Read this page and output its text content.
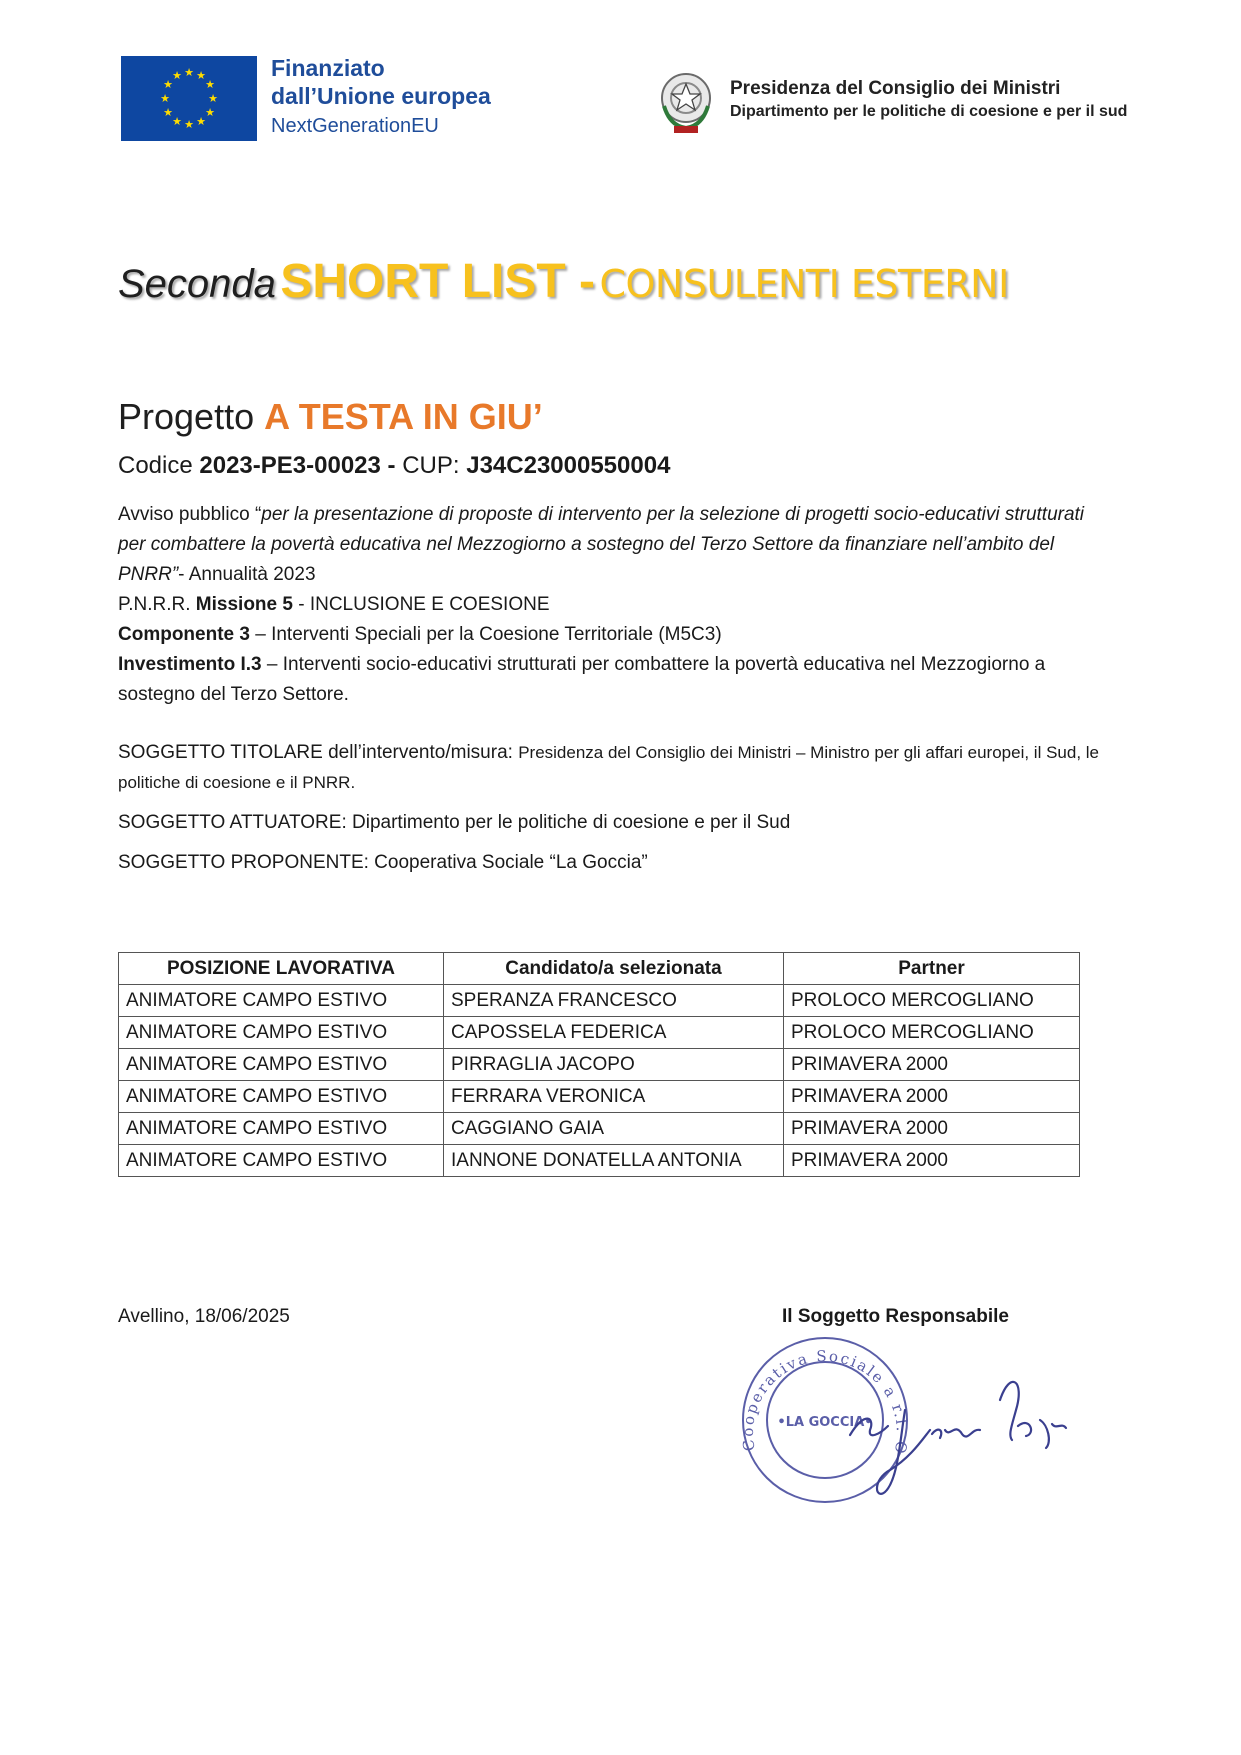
★ ★
★
★
★
★
★
★
★
★
★
★	Finanziato
dall’Unione europea
NextGenerationEU
Presidenza del Consiglio dei Ministri
Dipartimento per le politiche di coesione e per il sud
Seconda SHORT LIST - CONSULENTI ESTERNI
Progetto A TESTA IN GIU’
Codice 2023-PE3-00023 - CUP: J34C23000550004

Avviso pubblico “per la presentazione di proposte di intervento per la selezione di progetti socio-educativi strutturati per combattere la povertà educativa nel Mezzogiorno a sostegno del Terzo Settore da finanziare nell’ambito del PNRR”- Annualità 2023

P.N.R.R. Missione 5 - INCLUSIONE E COESIONE

Componente 3 – Interventi Speciali per la Coesione Territoriale (M5C3)

Investimento I.3 – Interventi socio-educativi strutturati per combattere la povertà educativa nel Mezzogiorno a sostegno del Terzo Settore.

SOGGETTO TITOLARE dell’intervento/misura: Presidenza del Consiglio dei Ministri – Ministro per gli affari europei, il Sud, le politiche di coesione e il PNRR.

SOGGETTO ATTUATORE: Dipartimento per le politiche di coesione e per il Sud

SOGGETTO PROPONENTE: Cooperativa Sociale “La Goccia”

POSIZIONE LAVORATIVA	Candidato/a selezionata	Partner
ANIMATORE CAMPO ESTIVO	SPERANZA FRANCESCO	PROLOCO MERCOGLIANO
ANIMATORE CAMPO ESTIVO	CAPOSSELA FEDERICA	PROLOCO MERCOGLIANO
ANIMATORE CAMPO ESTIVO	PIRRAGLIA JACOPO	PRIMAVERA 2000
ANIMATORE CAMPO ESTIVO	FERRARA VERONICA	PRIMAVERA 2000
ANIMATORE CAMPO ESTIVO	CAGGIANO GAIA	PRIMAVERA 2000
ANIMATORE CAMPO ESTIVO	IANNONE DONATELLA ANTONIA	PRIMAVERA 2000
Avellino, 18/06/2025	Il Soggetto Responsabile
Cooperativa Sociale a r.l. O
•LA GOCCIA•
